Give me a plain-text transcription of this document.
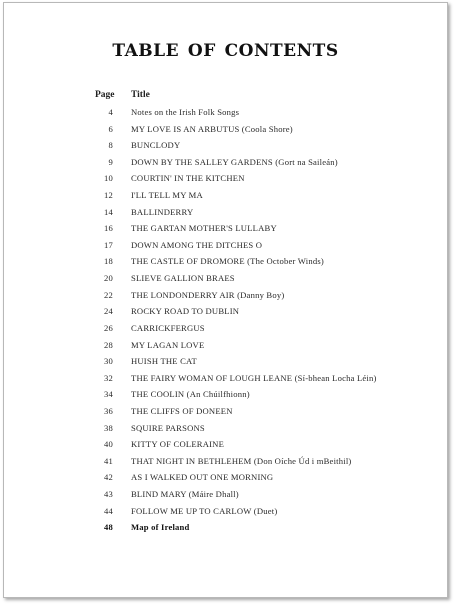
table of contents
Page Title
4 Notes on the Irish Folk Songs
6 MY LOVE IS AN ARBUTUS (Coola Shore)
8 BUNCLODY
9 DOWN BY THE SALLEY GARDENS (Gort na Saileán)
10 COURTIN' IN THE KITCHEN
12 I'LL TELL MY MA
14 BALLINDERRY
16 THE GARTAN MOTHER'S LULLABY
17 DOWN AMONG THE DITCHES O
18 THE CASTLE OF DROMORE (The October Winds)
20 SLIEVE GALLION BRAES
22 THE LONDONDERRY AIR (Danny Boy)
24 ROCKY ROAD TO DUBLIN
26 CARRICKFERGUS
28 MY LAGAN LOVE
30 HUISH THE CAT
32 THE FAIRY WOMAN OF LOUGH LEANE (Sí-bhean Locha Léin)
34 THE COOLIN (An Chúilfhionn)
36 THE CLIFFS OF DONEEN
38 SQUIRE PARSONS
40 KITTY OF COLERAINE
41 THAT NIGHT IN BETHLEHEM (Don Oíche Úd i mBeithil)
42 AS I WALKED OUT ONE MORNING
43 BLIND MARY (Máire Dhall)
44 FOLLOW ME UP TO CARLOW (Duet)
48 Map of Ireland
